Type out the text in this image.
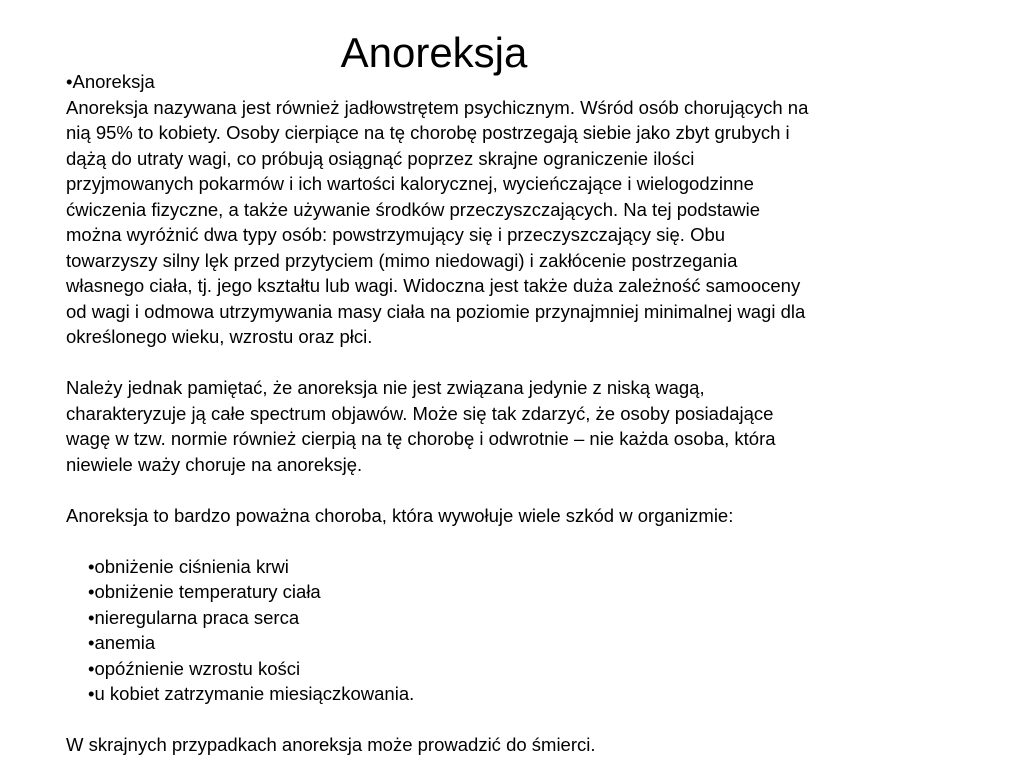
Anoreksja
•Anoreksja
Anoreksja nazywana jest również jadłowstrętem psychicznym. Wśród osób chorujących na
nią 95% to kobiety. Osoby cierpiące na tę chorobę postrzegają siebie jako zbyt grubych i
dążą do utraty wagi, co próbują osiągnąć poprzez skrajne ograniczenie ilości
przyjmowanych pokarmów i ich wartości kalorycznej, wycieńczające i wielogodzinne
ćwiczenia fizyczne, a także używanie środków przeczyszczających. Na tej podstawie
można wyróżnić dwa typy osób: powstrzymujący się i przeczyszczający się. Obu
towarzyszy silny lęk przed przytyciem (mimo niedowagi) i zakłócenie postrzegania
własnego ciała, tj. jego kształtu lub wagi. Widoczna jest także duża zależność samooceny
od wagi i odmowa utrzymywania masy ciała na poziomie przynajmniej minimalnej wagi dla
określonego wieku, wzrostu oraz płci.
Należy jednak pamiętać, że anoreksja nie jest związana jedynie z niską wagą,
charakteryzuje ją całe spectrum objawów. Może się tak zdarzyć, że osoby posiadające
wagę w tzw. normie również cierpią na tę chorobę i odwrotnie – nie każda osoba, która
niewiele waży choruje na anoreksję.
Anoreksja to bardzo poważna choroba, która wywołuje wiele szkód w organizmie:
•obniżenie ciśnienia krwi
•obniżenie temperatury ciała
•nieregularna praca serca
•anemia
•opóźnienie wzrostu kości
•u kobiet zatrzymanie miesiączkowania.
W skrajnych przypadkach anoreksja może prowadzić do śmierci.
